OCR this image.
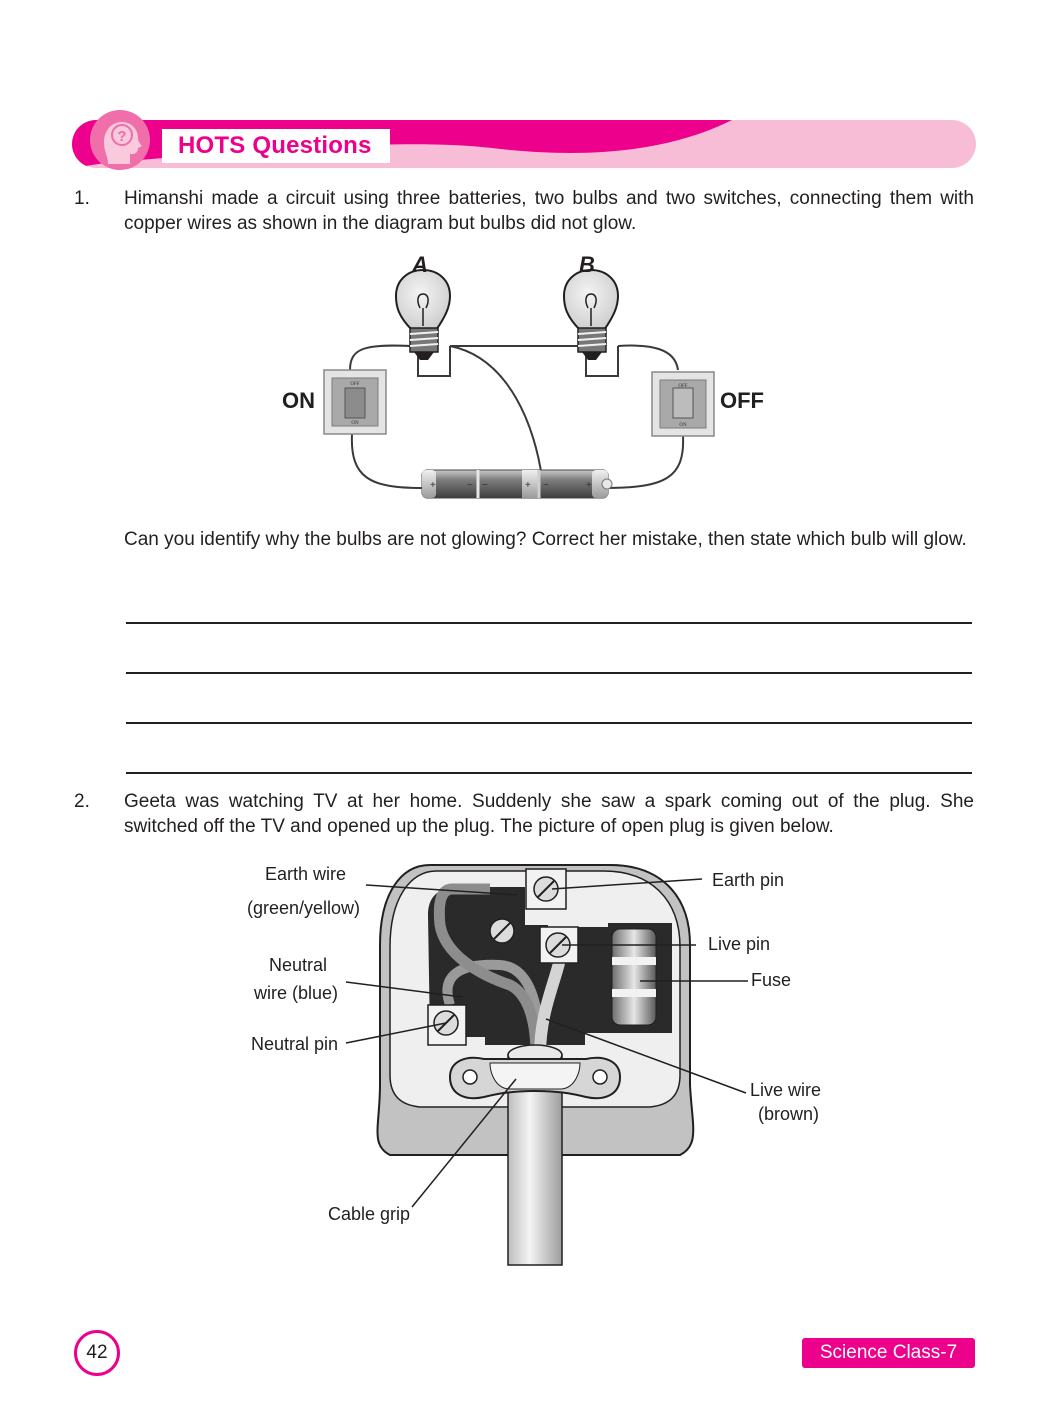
? HOTS Questions
1. Himanshi made a circuit using three batteries, two bulbs and two switches, connecting them with copper wires as shown in the diagram but bulbs did not glow.
OFF
ON
OFF
ON
+	− −	+ −	+
A	B
ON	OFF
Can you identify why the bulbs are not glowing? Correct her mistake, then state which bulb will glow.
2. Geeta was watching TV at her home. Suddenly she saw a spark coming out of the plug. She switched off the TV and opened up the plug. The picture of open plug is given below.
Earth wire
(green/yellow)
Earth pin
Live pin
Fuse
Neutral
wire (blue)
Neutral pin
Live wire
(brown)
Cable grip
42	Science Class-7
